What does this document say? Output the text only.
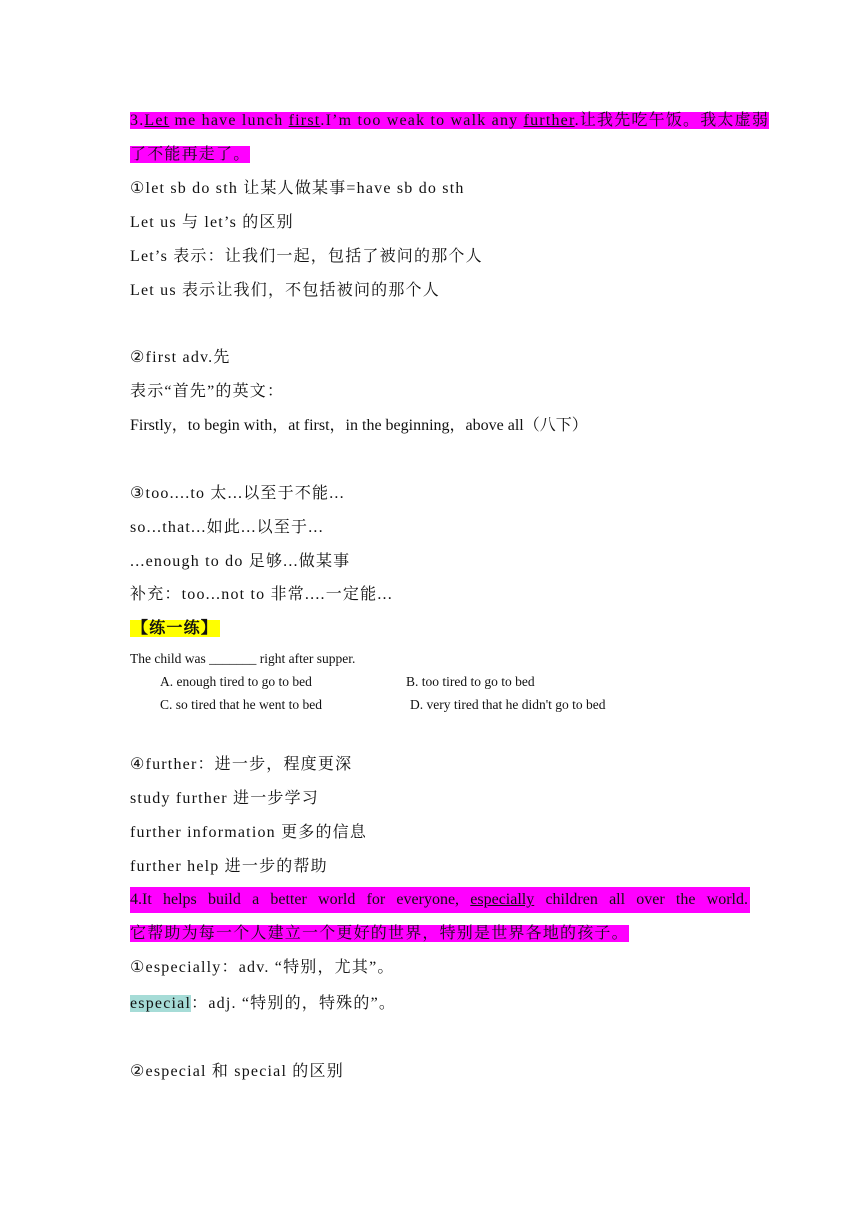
3.Let me have lunch first.I’m too weak to walk any further.让我先吃午饭。我太虚弱
了不能再走了。
①let sb do sth 让某人做某事=have sb do sth
Let us 与 let’s 的区别
Let’s 表示：让我们一起，包括了被问的那个人
Let us 表示让我们，不包括被问的那个人
②first adv.先
表示“首先”的英文：
Firstly，to begin with，at first，in the beginning，above all（八下）
③too....to 太...以至于不能...
so...that...如此...以至于...
...enough to do 足够...做某事
补充：too...not to 非常....一定能...
【练一练】
The child was _______ right after supper.
A. enough tired to go to bed	B. too tired to go to bed
C. so tired that he went to bed	D. very tired that he didn't go to bed
④further：进一步，程度更深
study further 进一步学习
further information 更多的信息
further help 进一步的帮助
4.It helps build a better world for everyone, especially children all over the world.
它帮助为每一个人建立一个更好的世界，特别是世界各地的孩子。
①especially：adv. “特别，尤其”。
especial：adj. “特别的，特殊的”。
②especial 和 special 的区别
